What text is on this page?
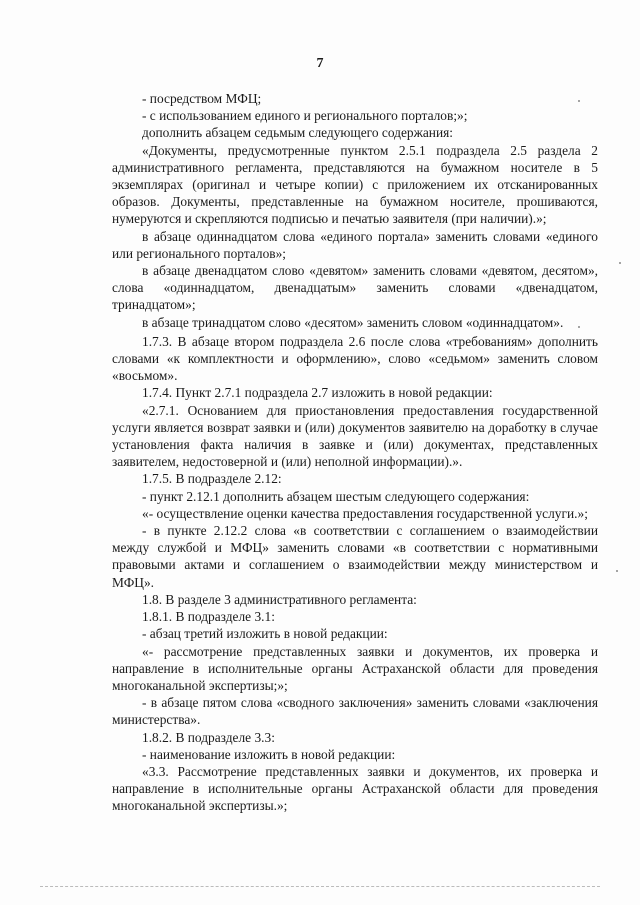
7

- посредством МФЦ;

- с использованием единого и регионального порталов;»;

дополнить абзацем седьмым следующего содержания:

«Документы, предусмотренные пунктом 2.5.1 подраздела 2.5 раздела 2 административного регламента, представляются на бумажном носителе в 5 экземплярах (оригинал и четыре копии) с приложением их отсканированных образов. Документы, представленные на бумажном носителе, прошиваются, нумеруются и скрепляются подписью и печатью заявителя (при наличии).»;

в абзаце одиннадцатом слова «единого портала» заменить словами «единого или регионального порталов»;

в абзаце двенадцатом слово «девятом» заменить словами «девятом, десятом», слова «одиннадцатом, двенадцатым» заменить словами «двенадцатом, тринадцатом»;

в абзаце тринадцатом слово «десятом» заменить словом «одиннадцатом».

1.7.3. В абзаце втором подраздела 2.6 после слова «требованиям» дополнить словами «к комплектности и оформлению», слово «седьмом» заменить словом «восьмом».

1.7.4. Пункт 2.7.1 подраздела 2.7 изложить в новой редакции:

«2.7.1. Основанием для приостановления предоставления государственной услуги является возврат заявки и (или) документов заявителю на доработку в случае установления факта наличия в заявке и (или) документах, представленных заявителем, недостоверной и (или) неполной информации).».

1.7.5. В подразделе 2.12:

- пункт 2.12.1 дополнить абзацем шестым следующего содержания:

«- осуществление оценки качества предоставления государственной услуги.»;

- в пункте 2.12.2 слова «в соответствии с соглашением о взаимодействии между службой и МФЦ» заменить словами «в соответствии с нормативными правовыми актами и соглашением о взаимодействии между министерством и МФЦ».

1.8. В разделе 3 административного регламента:

1.8.1. В подразделе 3.1:

- абзац третий изложить в новой редакции:

«- рассмотрение представленных заявки и документов, их проверка и направление в исполнительные органы Астраханской области для проведения многоканальной экспертизы;»;

- в абзаце пятом слова «сводного заключения» заменить словами «заключения министерства».

1.8.2. В подразделе 3.3:

- наименование изложить в новой редакции:

«3.3. Рассмотрение представленных заявки и документов, их проверка и направление в исполнительные органы Астраханской области для проведения многоканальной экспертизы.»;
